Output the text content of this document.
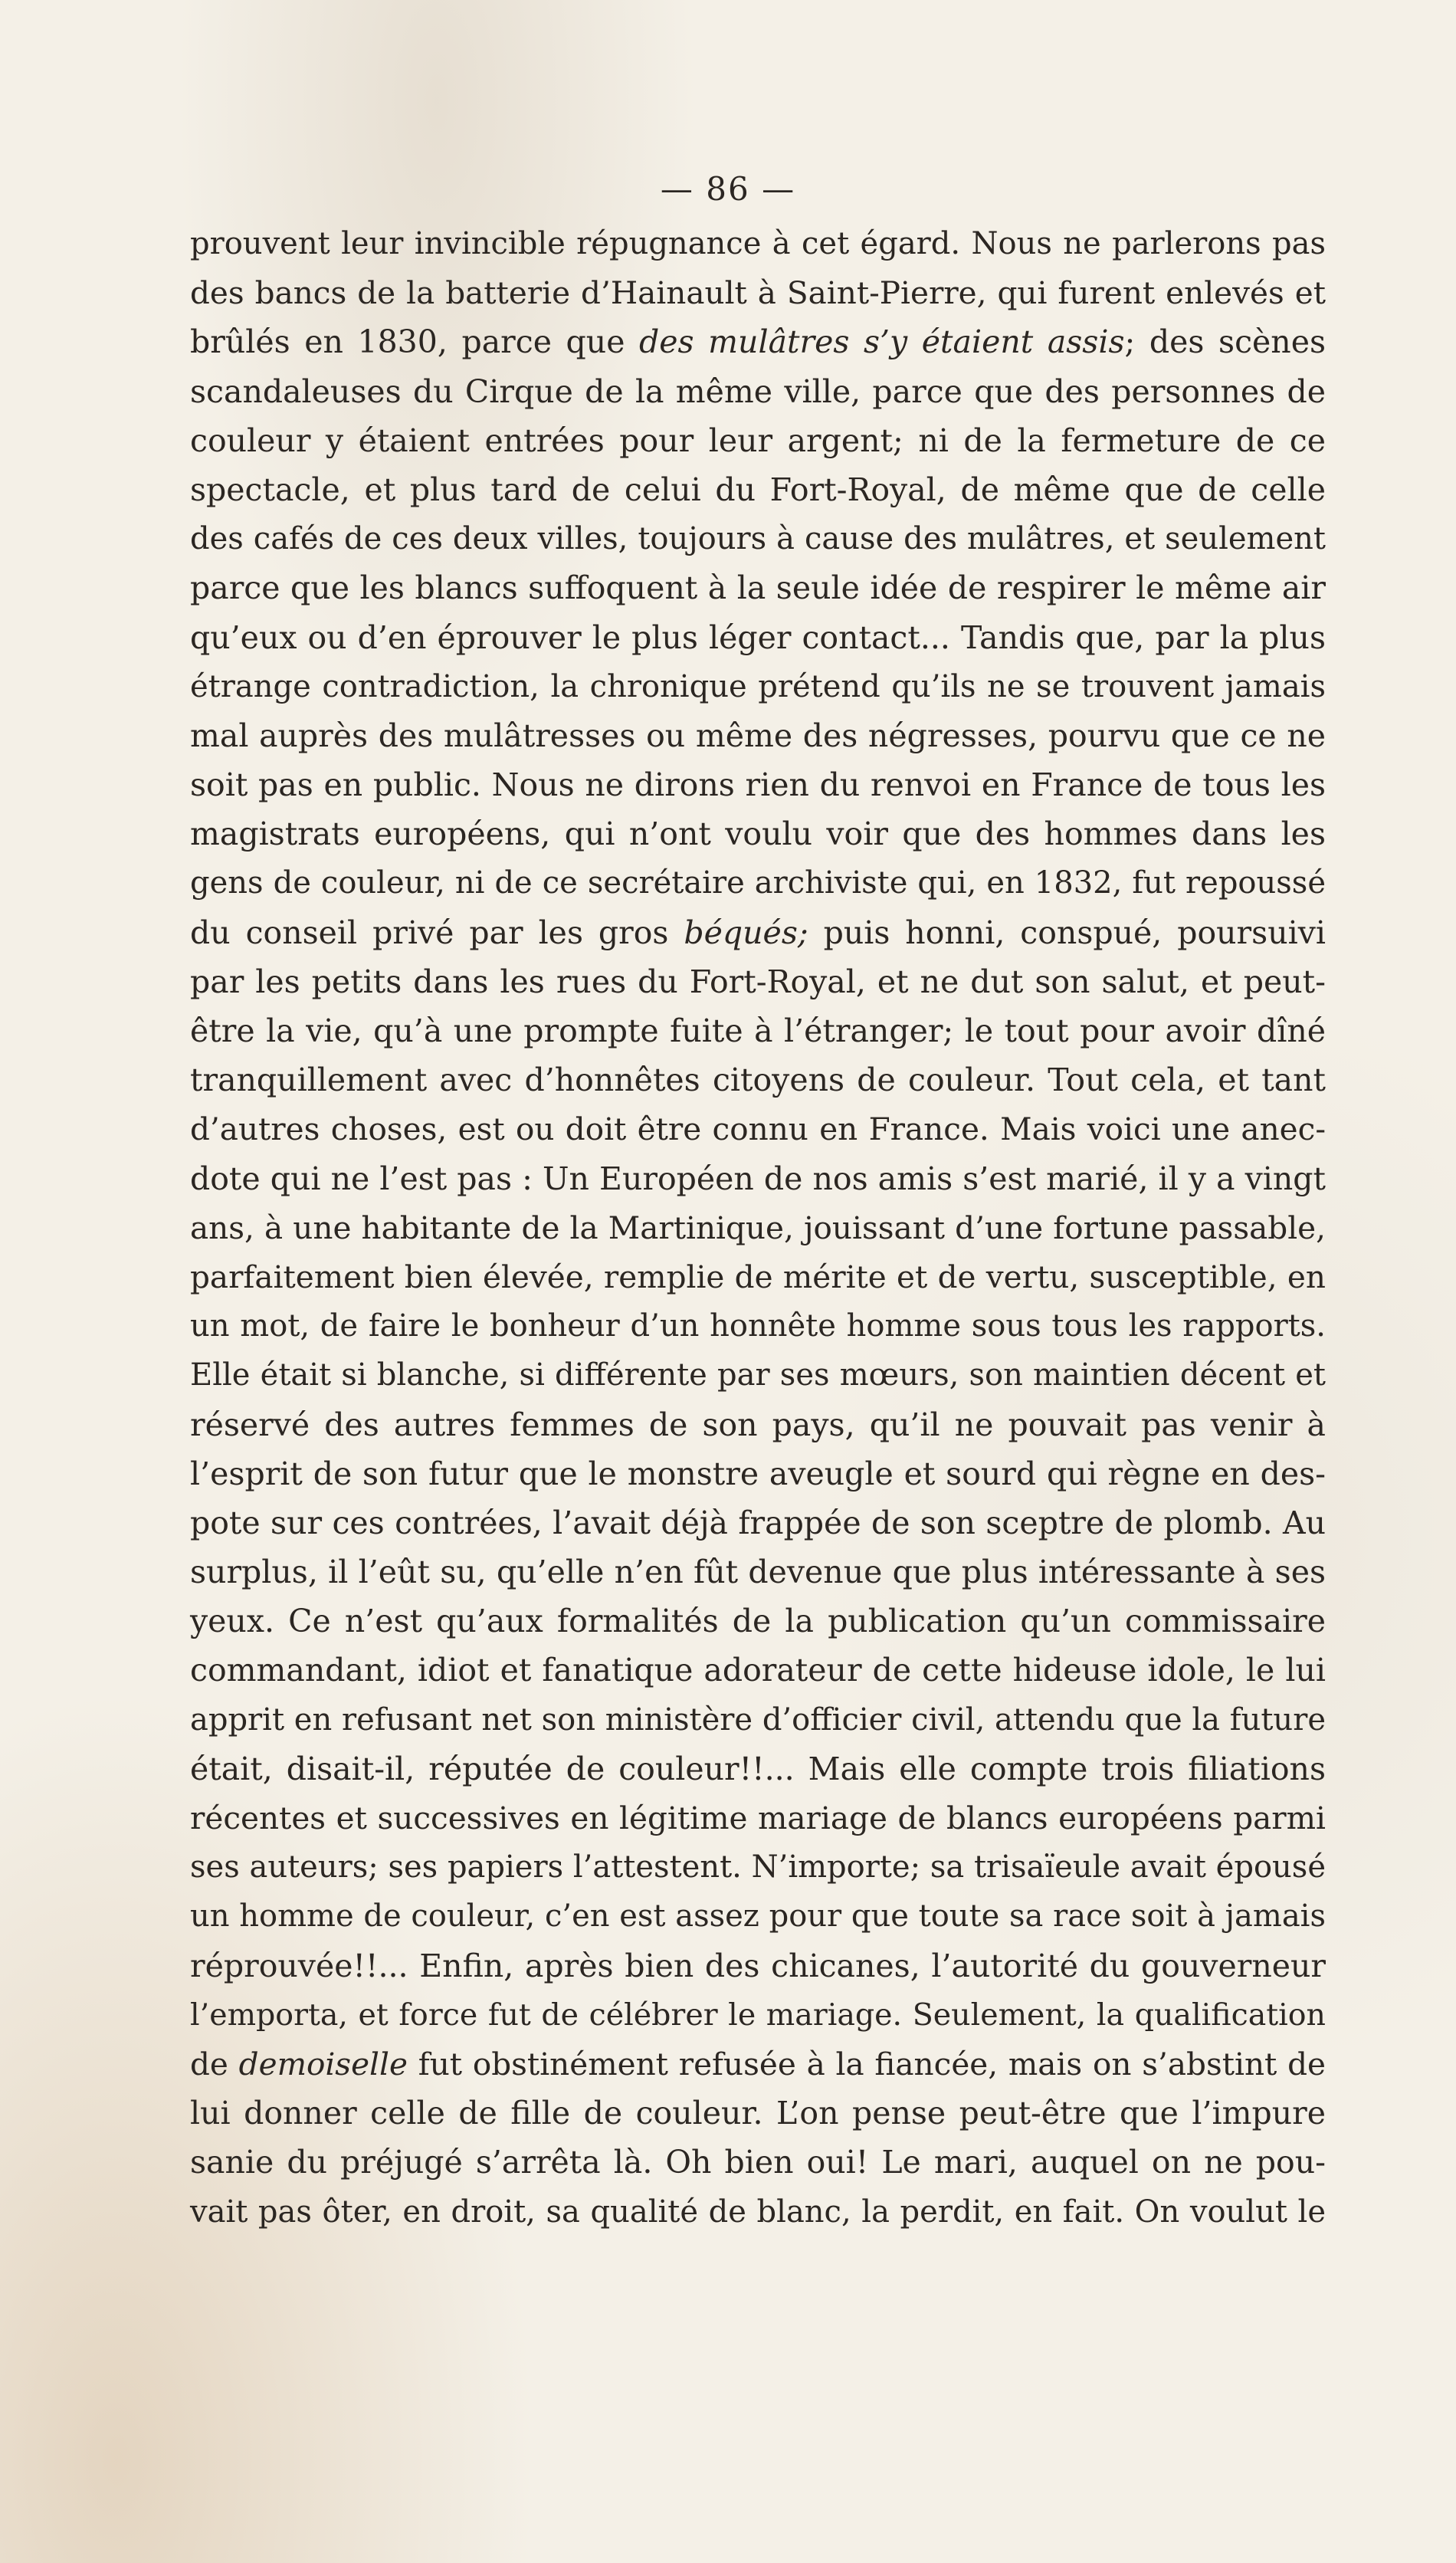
— 86 —
prouvent leur invincible répugnance à cet égard. Nous ne parlerons pas
des bancs de la batterie d’Hainault à Saint-Pierre, qui furent enlevés et
brûlés en 1830, parce que des mulâtres s’y étaient assis; des scènes
scandaleuses du Cirque de la même ville, parce que des personnes de
couleur y étaient entrées pour leur argent; ni de la fermeture de ce
spectacle, et plus tard de celui du Fort-Royal, de même que de celle
des cafés de ces deux villes, toujours à cause des mulâtres, et seulement
parce que les blancs suffoquent à la seule idée de respirer le même air
qu’eux ou d’en éprouver le plus léger contact... Tandis que, par la plus
étrange contradiction, la chronique prétend qu’ils ne se trouvent jamais
mal auprès des mulâtresses ou même des négresses, pourvu que ce ne
soit pas en public. Nous ne dirons rien du renvoi en France de tous les
magistrats européens, qui n’ont voulu voir que des hommes dans les
gens de couleur, ni de ce secrétaire archiviste qui, en 1832, fut repoussé
du conseil privé par les gros béqués; puis honni, conspué, poursuivi
par les petits dans les rues du Fort-Royal, et ne dut son salut, et peut-
être la vie, qu’à une prompte fuite à l’étranger; le tout pour avoir dîné
tranquillement avec d’honnêtes citoyens de couleur. Tout cela, et tant
d’autres choses, est ou doit être connu en France. Mais voici une anec-
dote qui ne l’est pas : Un Européen de nos amis s’est marié, il y a vingt
ans, à une habitante de la Martinique, jouissant d’une fortune passable,
parfaitement bien élevée, remplie de mérite et de vertu, susceptible, en
un mot, de faire le bonheur d’un honnête homme sous tous les rapports.
Elle était si blanche, si différente par ses mœurs, son maintien décent et
réservé des autres femmes de son pays, qu’il ne pouvait pas venir à
l’esprit de son futur que le monstre aveugle et sourd qui règne en des-
pote sur ces contrées, l’avait déjà frappée de son sceptre de plomb. Au
surplus, il l’eût su, qu’elle n’en fût devenue que plus intéressante à ses
yeux. Ce n’est qu’aux formalités de la publication qu’un commissaire
commandant, idiot et fanatique adorateur de cette hideuse idole, le lui
apprit en refusant net son ministère d’officier civil, attendu que la future
était, disait-il, réputée de couleur!!... Mais elle compte trois filiations
récentes et successives en légitime mariage de blancs européens parmi
ses auteurs; ses papiers l’attestent. N’importe; sa trisaïeule avait épousé
un homme de couleur, c’en est assez pour que toute sa race soit à jamais
réprouvée!!... Enfin, après bien des chicanes, l’autorité du gouverneur
l’emporta, et force fut de célébrer le mariage. Seulement, la qualification
de demoiselle fut obstinément refusée à la fiancée, mais on s’abstint de
lui donner celle de fille de couleur. L’on pense peut-être que l’impure
sanie du préjugé s’arrêta là. Oh bien oui! Le mari, auquel on ne pou-
vait pas ôter, en droit, sa qualité de blanc, la perdit, en fait. On voulut le
